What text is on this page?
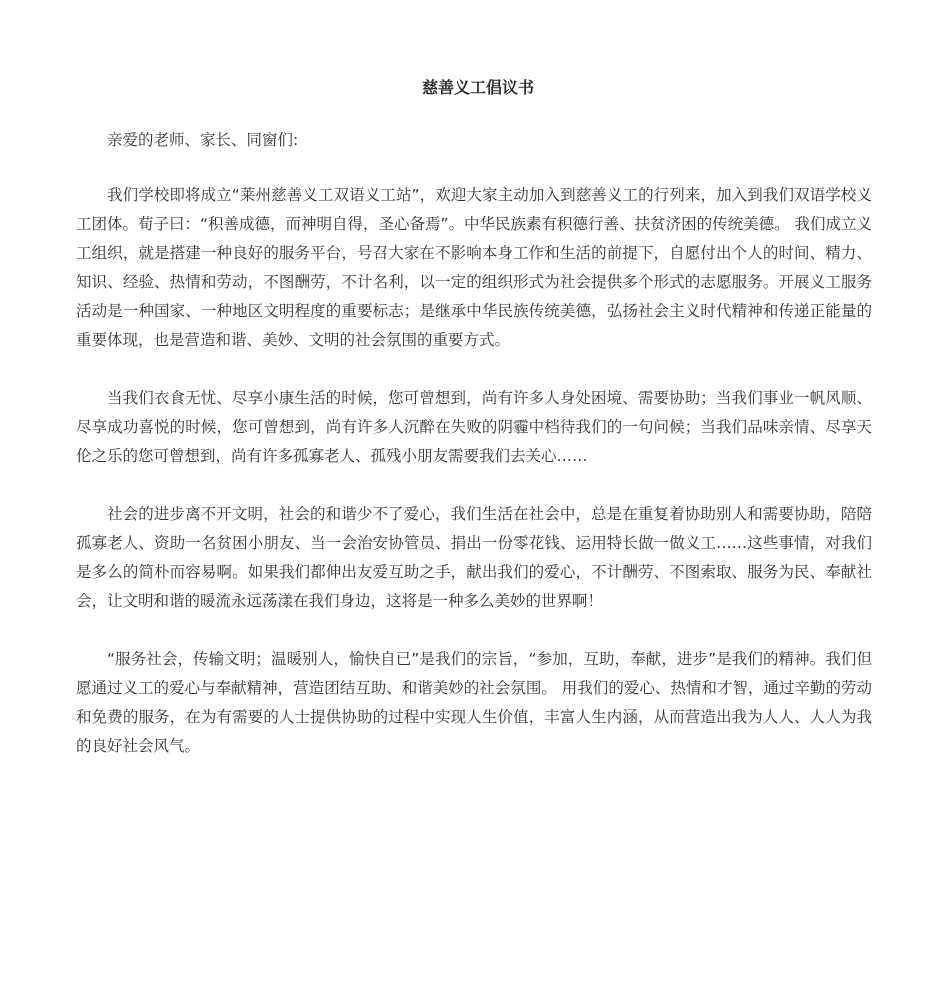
慈善义工倡议书
亲爱的老师、家长、同窗们:

我们学校即将成立“莱州慈善义工双语义工站”，欢迎大家主动加入到慈善义工的行列来，加入到我们双语学校义工团体。荀子曰：“积善成德，而神明自得，圣心备焉”。中华民族素有积德行善、扶贫济困的传统美德。 我们成立义工组织，就是搭建一种良好的服务平台，号召大家在不影响本身工作和生活的前提下，自愿付出个人的时间、精力、知识、经验、热情和劳动，不图酬劳，不计名利，以一定的组织形式为社会提供多个形式的志愿服务。开展义工服务活动是一种国家、一种地区文明程度的重要标志；是继承中华民族传统美德，弘扬社会主义时代精神和传递正能量的重要体现，也是营造和谐、美妙、文明的社会氛围的重要方式。

当我们衣食无忧、尽享小康生活的时候，您可曾想到，尚有许多人身处困境、需要协助；当我们事业一帆风顺、尽享成功喜悦的时候，您可曾想到，尚有许多人沉醉在失败的阴霾中档待我们的一句问候；当我们品味亲情、尽享天伦之乐的您可曾想到，尚有许多孤寡老人、孤残小朋友需要我们去关心……

社会的进步离不开文明，社会的和谐少不了爱心，我们生活在社会中，总是在重复着协助别人和需要协助，陪陪孤寡老人、资助一名贫困小朋友、当一会治安协管员、捐出一份零花钱、运用特长做一做义工……这些事情，对我们是多么的简朴而容易啊。如果我们都伸出友爱互助之手，献出我们的爱心，不计酬劳、不图索取、服务为民、奉献社会，让文明和谐的暖流永远荡漾在我们身边，这将是一种多么美妙的世界啊！

“服务社会，传输文明；温暖别人，愉快自已”是我们的宗旨，“参加，互助，奉献，进步”是我们的精神。我们但愿通过义工的爱心与奉献精神，营造团结互助、和谐美妙的社会氛围。 用我们的爱心、热情和才智，通过辛勤的劳动和免费的服务，在为有需要的人士提供协助的过程中实现人生价值，丰富人生内涵，从而营造出我为人人、人人为我的良好社会风气。
